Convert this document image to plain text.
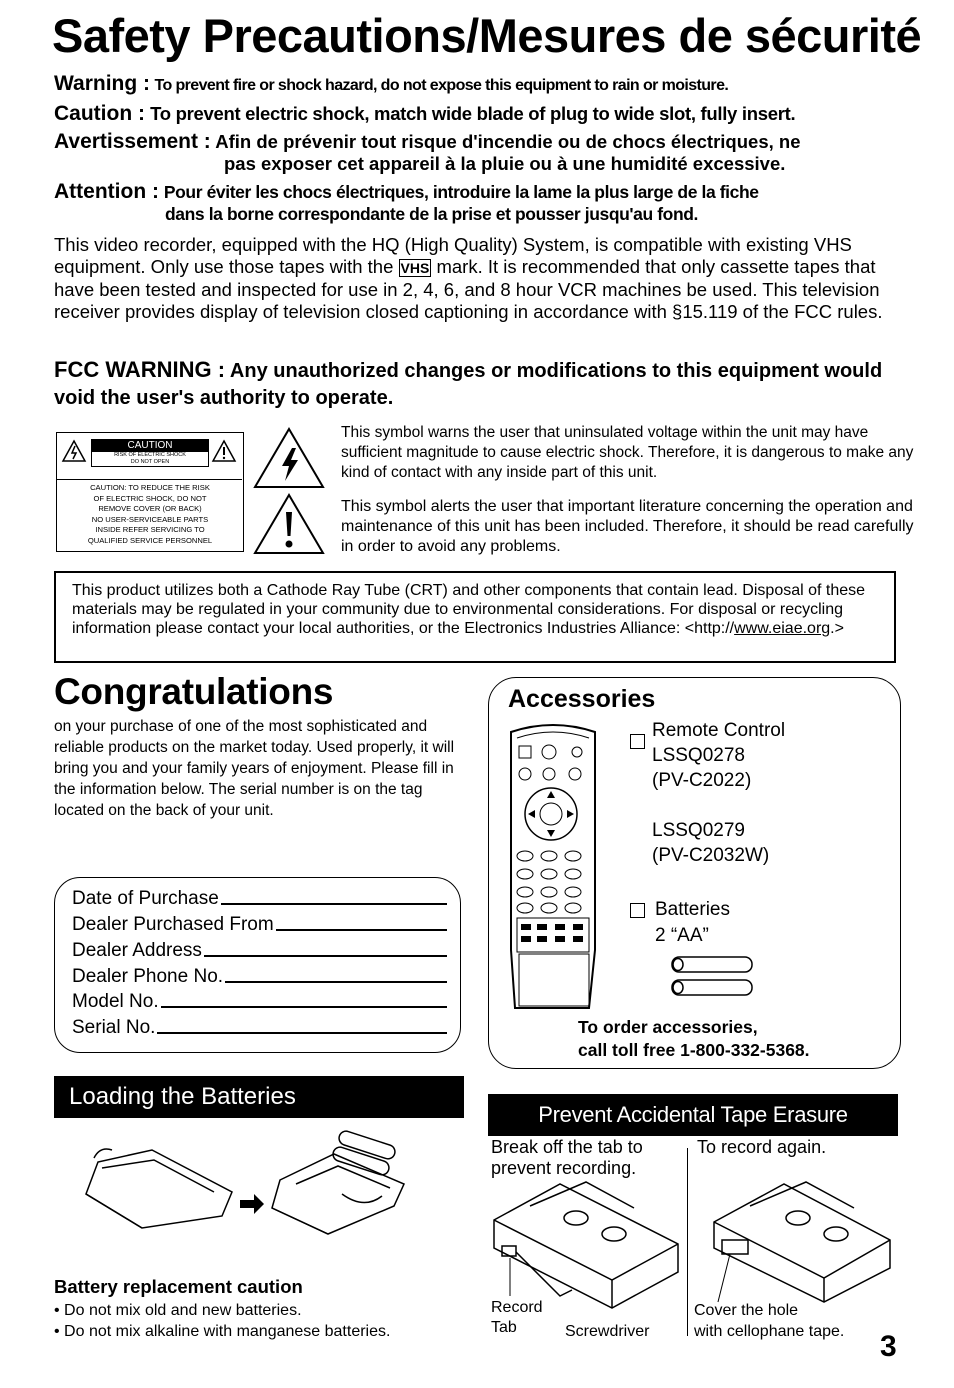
Safety Precautions/Mesures de sécurité
Warning : To prevent fire or shock hazard, do not expose this equipment to rain or moisture.
Caution : To prevent electric shock, match wide blade of plug to wide slot, fully insert.
Avertissement : Afin de prévenir tout risque d'incendie ou de chocs électriques, ne
pas exposer cet appareil à la pluie ou à une humidité excessive.
Attention : Pour éviter les chocs électriques, introduire la lame la plus large de la fiche
dans la borne correspondante de la prise et pousser jusqu'au fond.
This video recorder, equipped with the HQ (High Quality) System, is compatible with existing VHS equipment. Only use those tapes with the VHS mark. It is recommended that only cassette tapes that have been tested and inspected for use in 2, 4, 6, and 8 hour VCR machines be used. This television receiver provides display of television closed captioning in accordance with §15.119 of the FCC rules.
FCC WARNING : Any unauthorized changes or modifications to this equipment would void the user's authority to operate.
CAUTION
RISK OF ELECTRIC SHOCK
DO NOT OPEN
CAUTION: TO REDUCE THE RISK
OF ELECTRIC SHOCK, DO NOT
REMOVE COVER (OR BACK)
NO USER-SERVICEABLE PARTS
INSIDE REFER SERVICING TO
QUALIFIED SERVICE PERSONNEL
This symbol warns the user that uninsulated voltage within the unit may have sufficient magnitude to cause electric shock. Therefore, it is dangerous to make any kind of contact with any inside part of this unit.
This symbol alerts the user that important literature concerning the operation and maintenance of this unit has been included. Therefore, it should be read carefully in order to avoid any problems.
This product utilizes both a Cathode Ray Tube (CRT) and other components that contain lead. Disposal of these materials may be regulated in your community due to environmental considerations. For disposal or recycling information please contact your local authorities, or the Electronics Industries Alliance: <http://www.eiae.org.>
Congratulations
on your purchase of one of the most sophisticated and reliable products on the market today. Used properly, it will bring you and your family years of enjoyment. Please fill in the information below. The serial number is on the tag located on the back of your unit.
Date of Purchase
Dealer Purchased From
Dealer Address
Dealer Phone No.
Model No.
Serial No.
Accessories
Remote Control
LSSQ0278
(PV-C2022)
LSSQ0279
(PV-C2032W)
Batteries
2 “AA”
To order accessories,
call toll free 1-800-332-5368.
Loading the Batteries
Battery replacement caution
• Do not mix old and new batteries.
• Do not mix alkaline with manganese batteries.
Prevent Accidental Tape Erasure
Break off the tab to prevent recording.
To record again.
Record
Tab	Screwdriver
Cover the hole
with cellophane tape. 3
